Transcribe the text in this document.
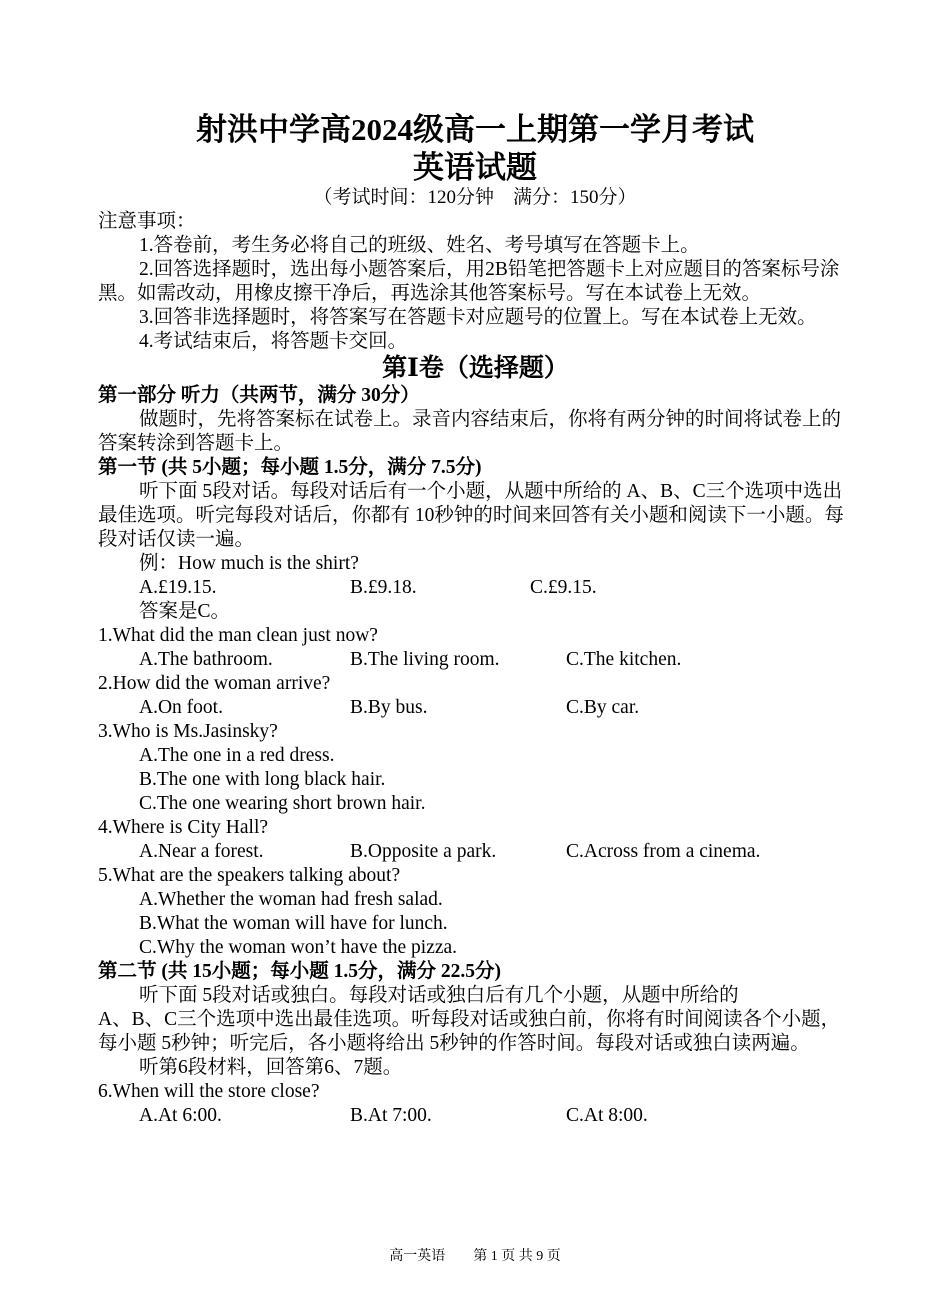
射洪中学高2024级高一上期第一学月考试
英语试题
（考试时间：120分钟　满分：150分）

注意事项：

1.答卷前，考生务必将自己的班级、姓名、考号填写在答题卡上。

2.回答选择题时，选出每小题答案后，用2B铅笔把答题卡上对应题目的答案标号涂黑。如需改动，用橡皮擦干净后，再选涂其他答案标号。写在本试卷上无效。

3.回答非选择题时，将答案写在答题卡对应题号的位置上。写在本试卷上无效。

4.考试结束后，将答题卡交回。

第Ⅰ卷（选择题）

第一部分 听力（共两节，满分 30分）

做题时，先将答案标在试卷上。录音内容结束后，你将有两分钟的时间将试卷上的答案转涂到答题卡上。

第一节 (共 5小题；每小题 1.5分，满分 7.5分)

听下面 5段对话。每段对话后有一个小题，从题中所给的 A、B、C三个选项中选出最佳选项。听完每段对话后，你都有 10秒钟的时间来回答有关小题和阅读下一小题。每段对话仅读一遍。

例：How much is the shirt?

A.£19.15.	B.£9.18.	C.£9.15.

答案是C。

1.What did the man clean just now?

A.The bathroom.	B.The living room.	C.The kitchen.

2.How did the woman arrive?

A.On foot.	B.By bus.	C.By car.

3.Who is Ms.Jasinsky?

A.The one in a red dress.

B.The one with long black hair.

C.The one wearing short brown hair.

4.Where is City Hall?

A.Near a forest.	B.Opposite a park.	C.Across from a cinema.

5.What are the speakers talking about?

A.Whether the woman had fresh salad.

B.What the woman will have for lunch.

C.Why the woman won’t have the pizza.

第二节 (共 15小题；每小题 1.5分，满分 22.5分)

听下面 5段对话或独白。每段对话或独白后有几个小题，从题中所给的

A、B、C三个选项中选出最佳选项。听每段对话或独白前，你将有时间阅读各个小题，每小题 5秒钟；听完后，各小题将给出 5秒钟的作答时间。每段对话或独白读两遍。

听第6段材料，回答第6、7题。

6.When will the store close?

A.At 6:00.	B.At 7:00.	C.At 8:00.
高一英语　　第 1 页 共 9 页
